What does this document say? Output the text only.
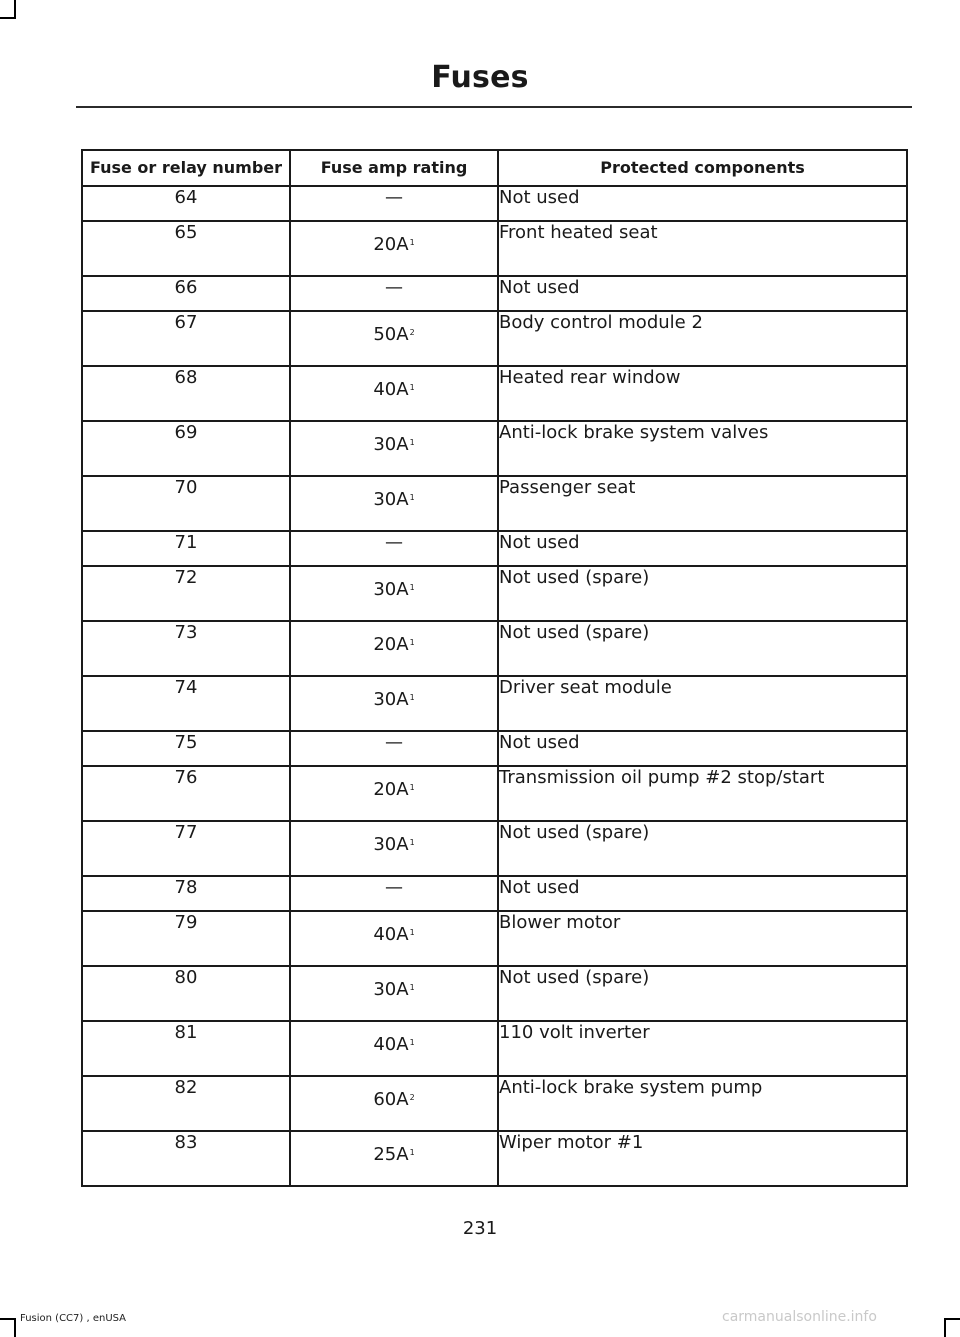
Fuses
Fuse or relay number	Fuse amp rating	Protected components
64	—	Not used
65	$20A^1$	Front heated seat
66	—	Not used
67	$50A^2$	Body control module 2
68	$40A^1$	Heated rear window
69	$30A^1$	Anti-lock brake system valves
70	$30A^1$	Passenger seat
71	—	Not used
72	$30A^1$	Not used (spare)
73	$20A^1$	Not used (spare)
74	$30A^1$	Driver seat module
75	—	Not used
76	$20A^1$	Transmission oil pump #2 stop/start
77	$30A^1$	Not used (spare)
78	—	Not used
79	$40A^1$	Blower motor
80	$30A^1$	Not used (spare)
81	$40A^1$	110 volt inverter
82	$60A^2$	Anti-lock brake system pump
83	$25A^1$	Wiper motor #1
231
Fusion (CC7) , enUSA	carmanualsonline.info
